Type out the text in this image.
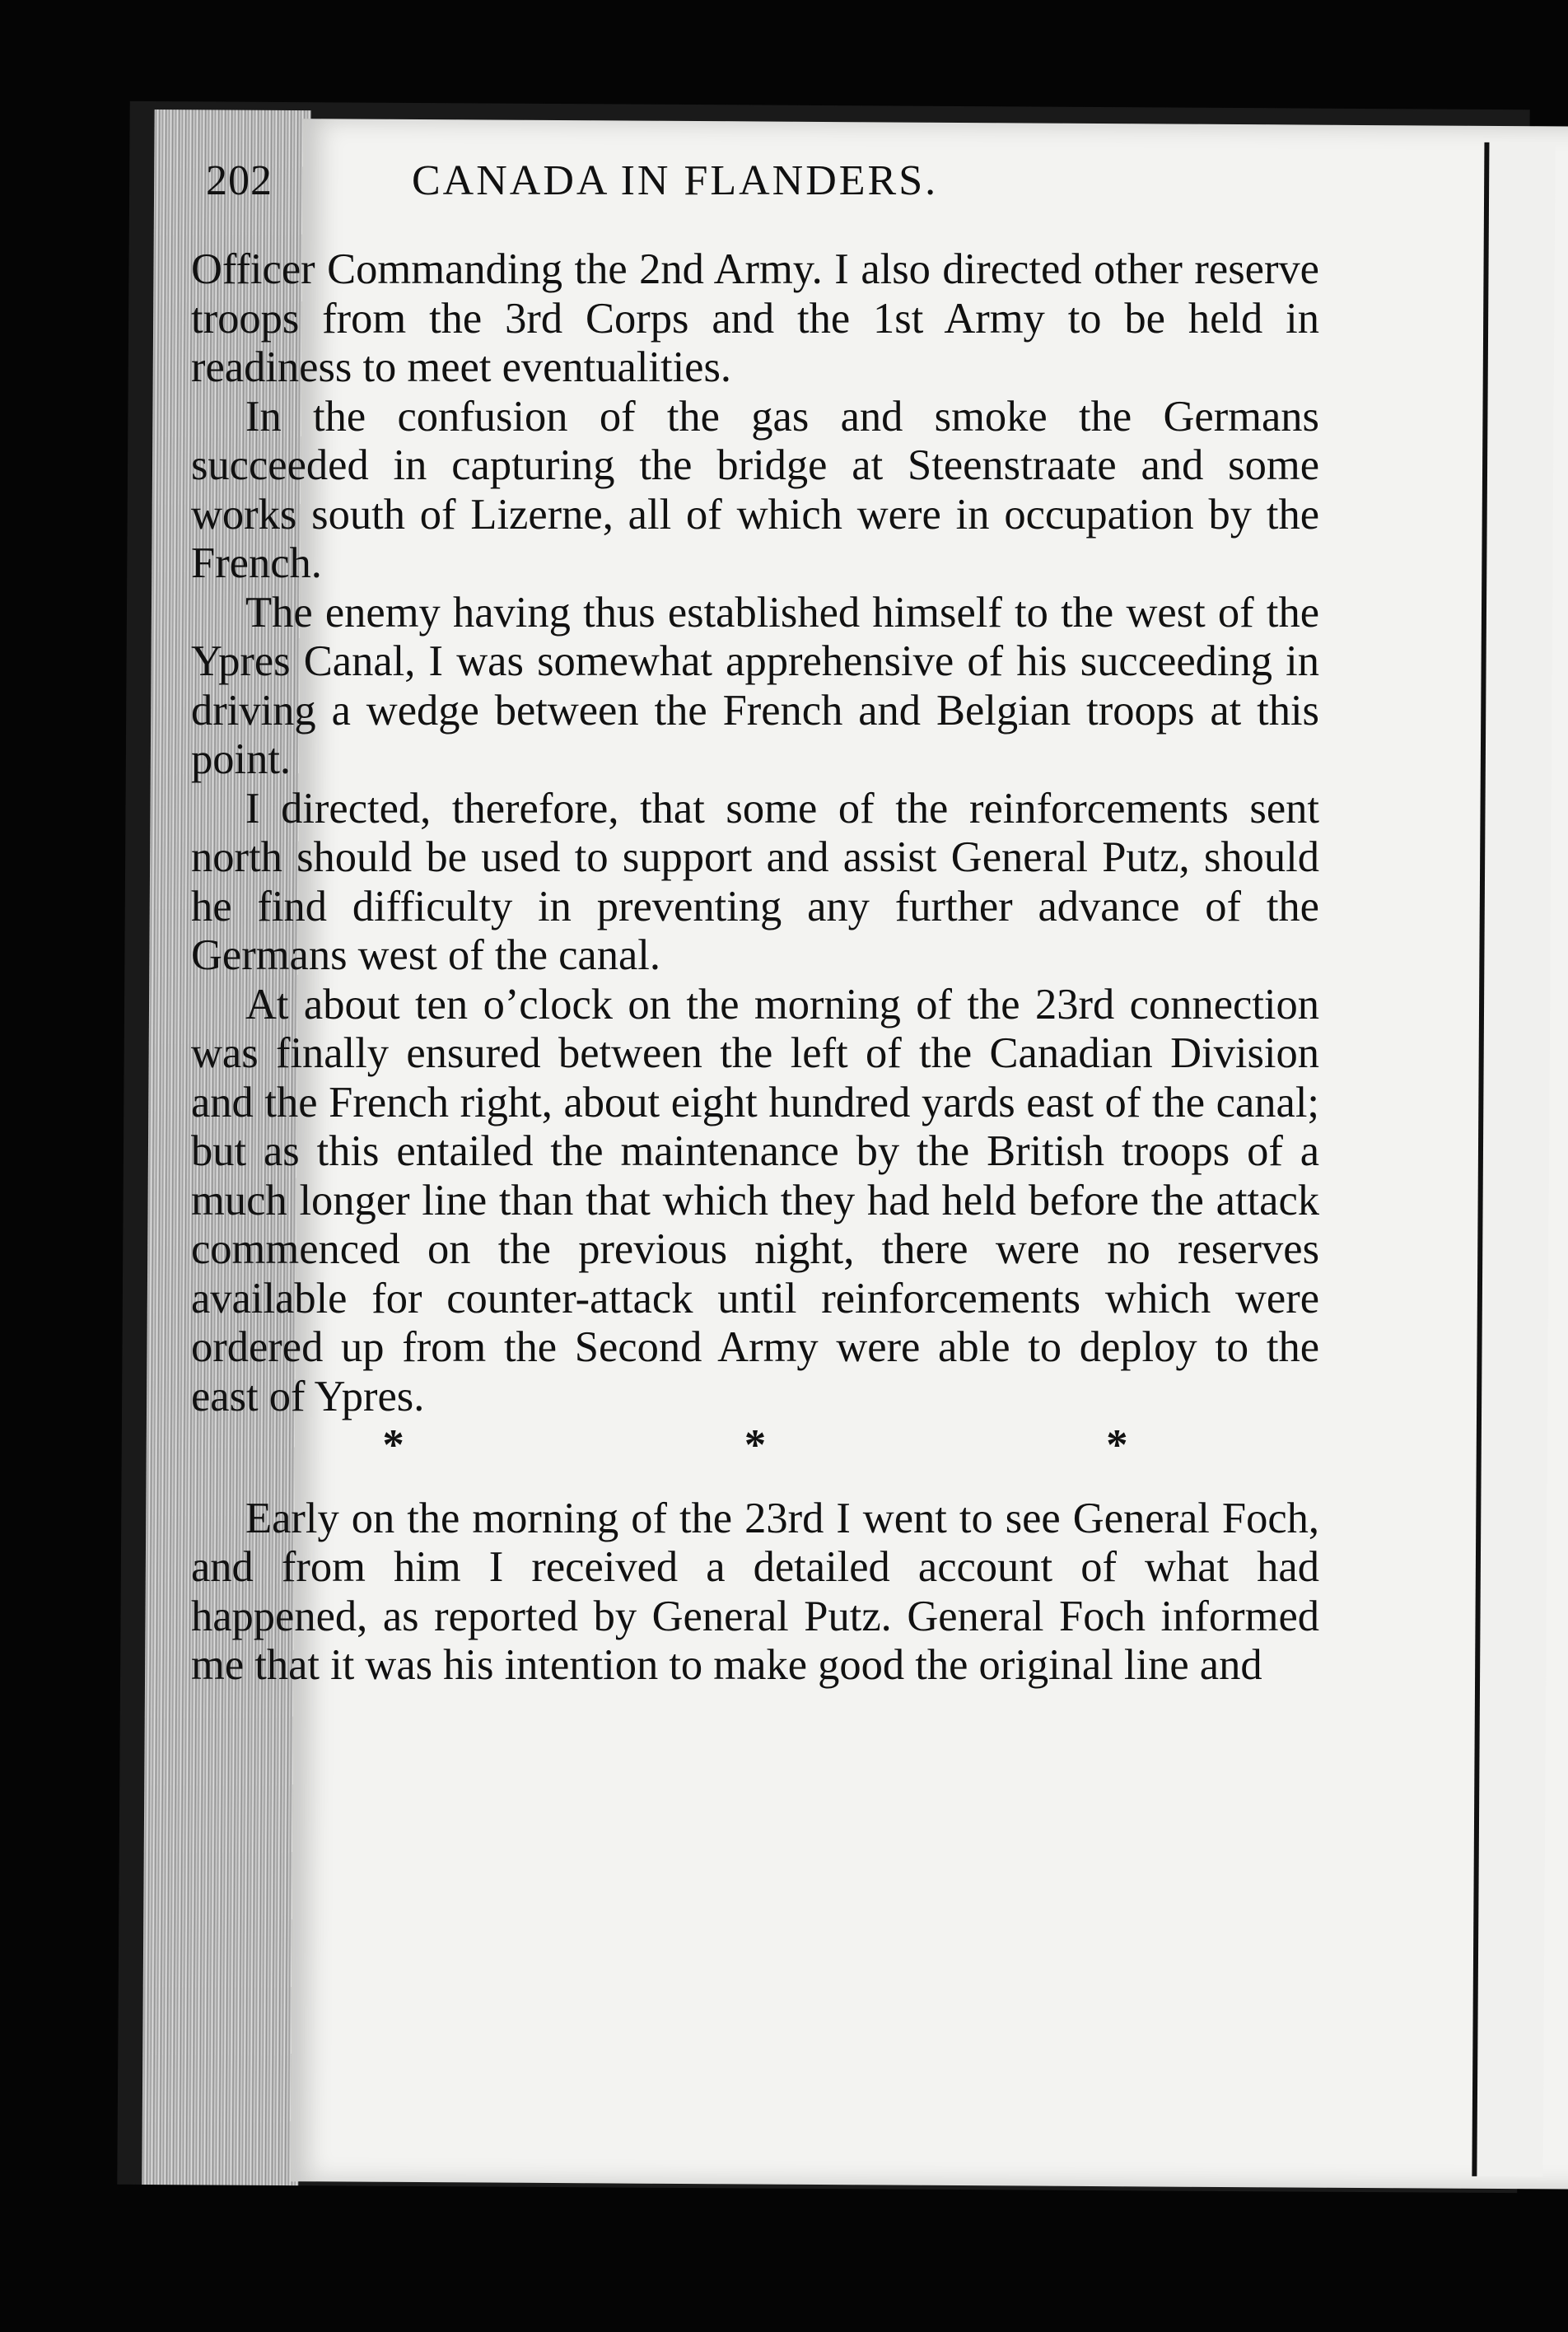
202	CANADA IN FLANDERS.

Officer Commanding the 2nd Army. I also directed other reserve troops from the 3rd Corps and the 1st Army to be held in readiness to meet eventualities.

In the confusion of the gas and smoke the Germans succeeded in capturing the bridge at Steenstraate and some works south of Lizerne, all of which were in occupation by the French.

The enemy having thus established himself to the west of the Ypres Canal, I was somewhat apprehensive of his succeeding in driving a wedge between the French and Belgian troops at this point.

I directed, therefore, that some of the reinforcements sent north should be used to support and assist General Putz, should he find difficulty in preventing any further advance of the Germans west of the canal.

At about ten o’clock on the morning of the 23rd connection was finally ensured between the left of the Canadian Division and the French right, about eight hundred yards east of the canal; but as this entailed the maintenance by the British troops of a much longer line than that which they had held before the attack commenced on the previous night, there were no reserves available for counter-attack until reinforcements which were ordered up from the Second Army were able to deploy to the east of Ypres.

* * *

Early on the morning of the 23rd I went to see General Foch, and from him I received a detailed account of what had happened, as reported by General Putz. General Foch informed me that it was his intention to make good the original line and
